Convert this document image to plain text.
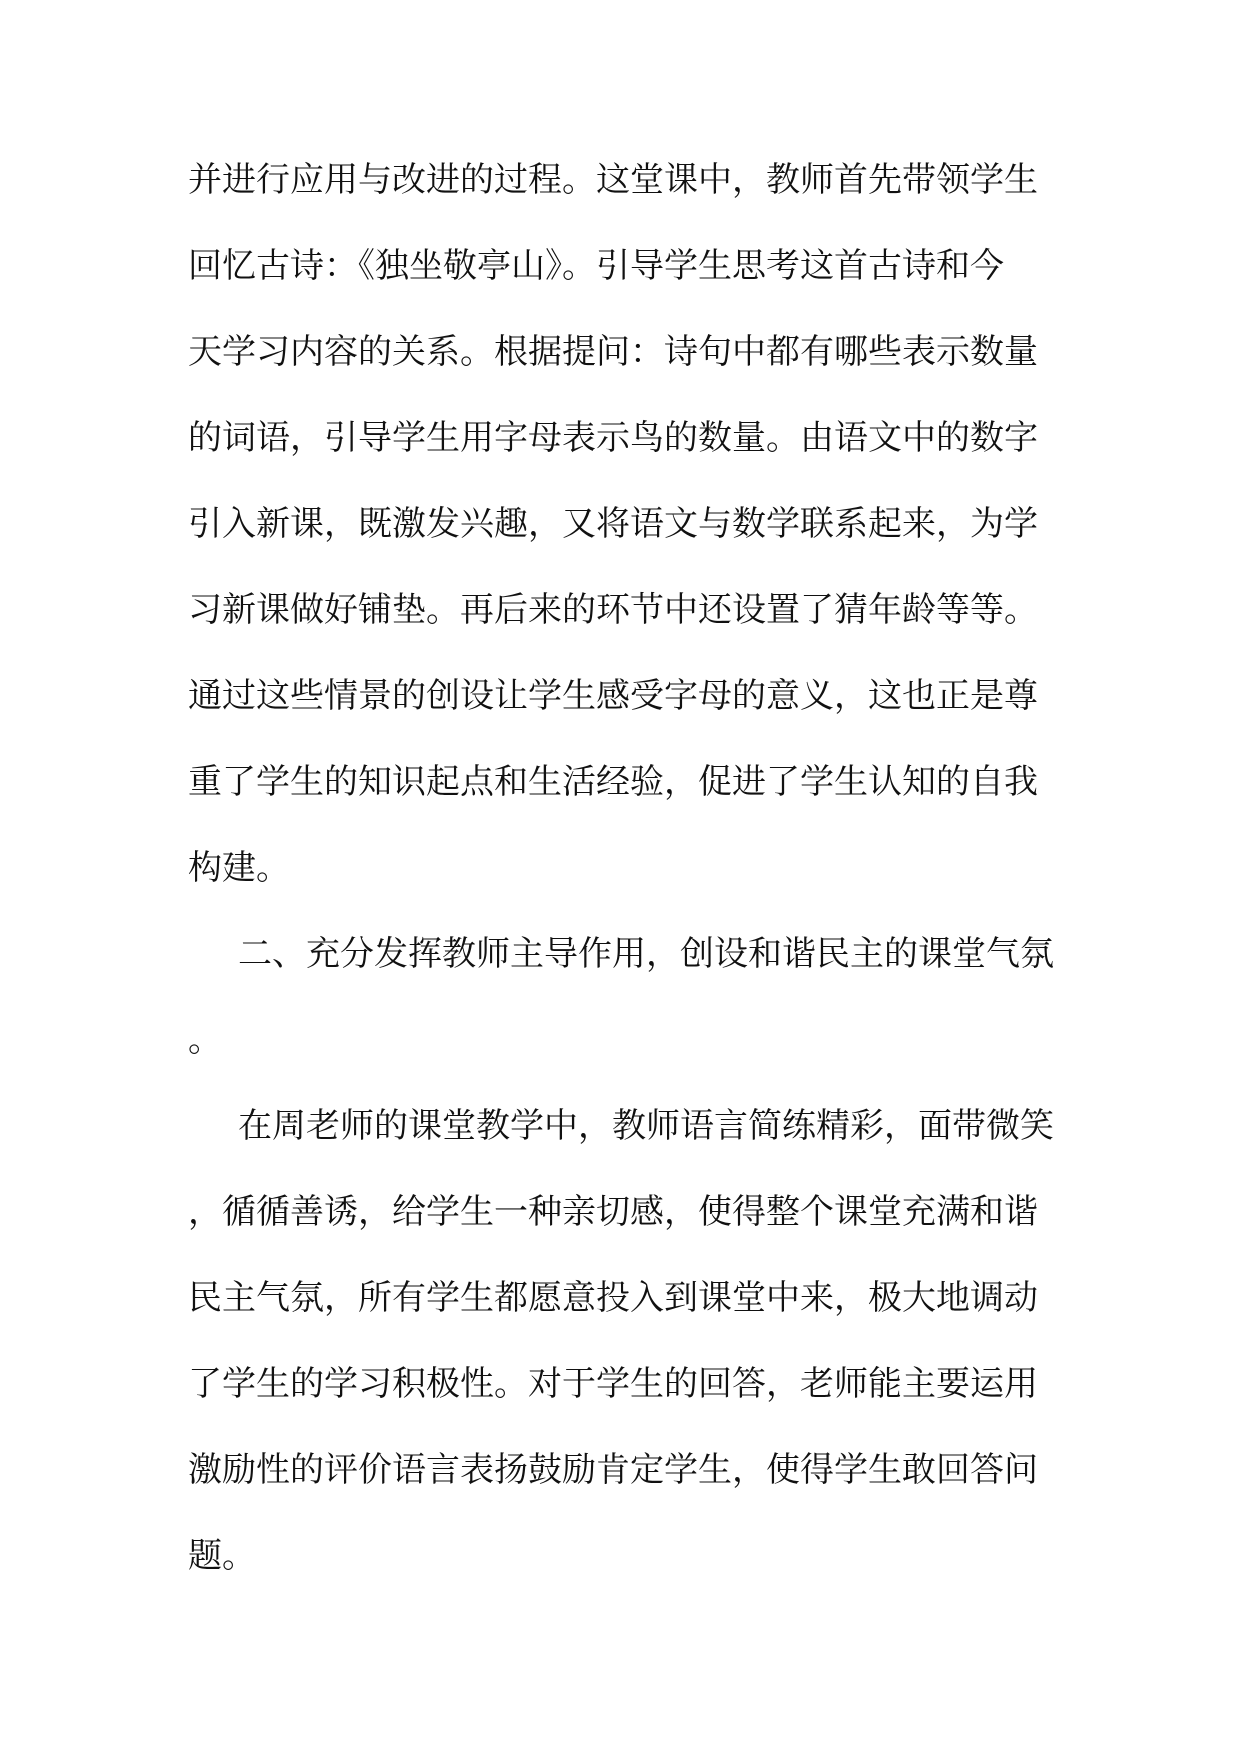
并进行应用与改进的过程。这堂课中，教师首先带领学生
回忆古诗：《独坐敬亭山》。引导学生思考这首古诗和今
天学习内容的关系。根据提问：诗句中都有哪些表示数量
的词语，引导学生用字母表示鸟的数量。由语文中的数字
引入新课，既激发兴趣，又将语文与数学联系起来，为学
习新课做好铺垫。再后来的环节中还设置了猜年龄等等。
通过这些情景的创设让学生感受字母的意义，这也正是尊
重了学生的知识起点和生活经验，促进了学生认知的自我
构建。
二、充分发挥教师主导作用，创设和谐民主的课堂气氛
。
在周老师的课堂教学中，教师语言简练精彩，面带微笑
，循循善诱，给学生一种亲切感，使得整个课堂充满和谐
民主气氛，所有学生都愿意投入到课堂中来，极大地调动
了学生的学习积极性。对于学生的回答，老师能主要运用
激励性的评价语言表扬鼓励肯定学生，使得学生敢回答问
题。
